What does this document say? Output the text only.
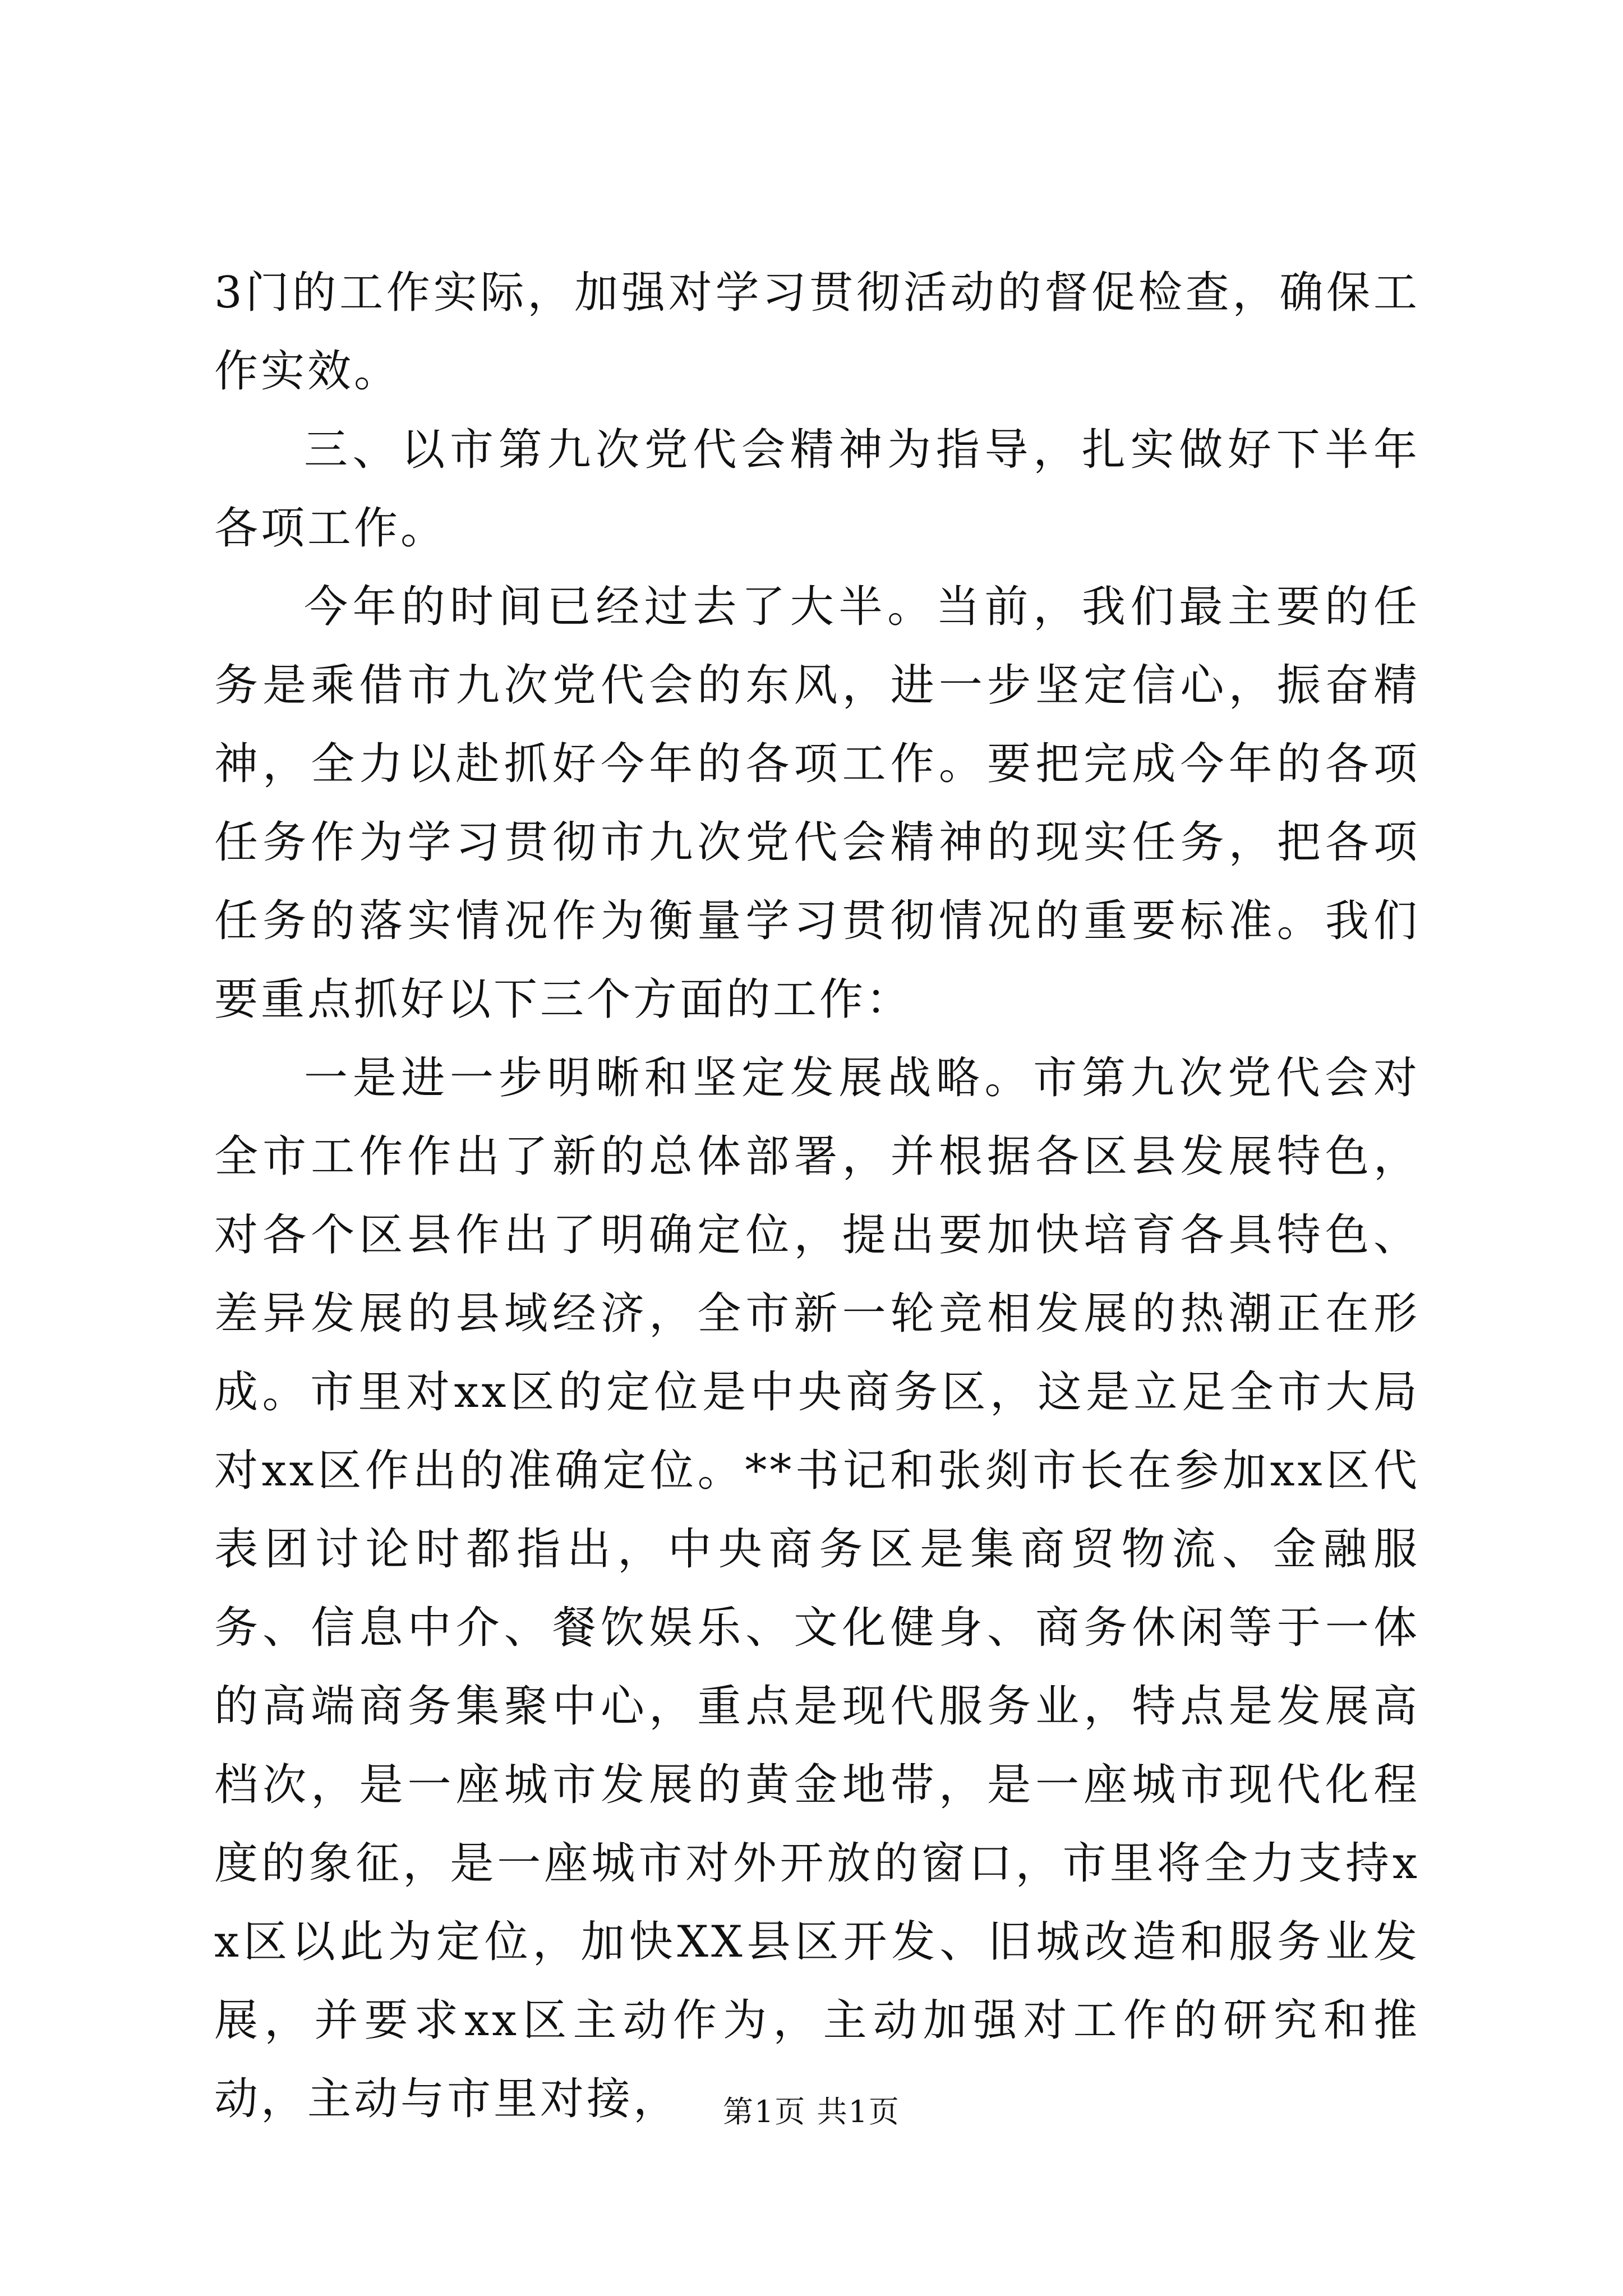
3门的工作实际，加强对学习贯彻活动的督促检查，确保工作实效。

三、以市第九次党代会精神为指导，扎实做好下半年各项工作。

今年的时间已经过去了大半。当前，我们最主要的任务是乘借市九次党代会的东风，进一步坚定信心，振奋精神，全力以赴抓好今年的各项工作。要把完成今年的各项任务作为学习贯彻市九次党代会精神的现实任务，把各项任务的落实情况作为衡量学习贯彻情况的重要标准。我们要重点抓好以下三个方面的工作：

一是进一步明晰和坚定发展战略。市第九次党代会对全市工作作出了新的总体部署，并根据各区县发展特色，对各个区县作出了明确定位，提出要加快培育各具特色、差异发展的县域经济，全市新一轮竞相发展的热潮正在形成。市里对xx区的定位是中央商务区，这是立足全市大局对xx区作出的准确定位。**书记和张剡市长在参加xx区代表团讨论时都指出，中央商务区是集商贸物流、金融服务、信息中介、餐饮娱乐、文化健身、商务休闲等于一体的高端商务集聚中心，重点是现代服务业，特点是发展高档次，是一座城市发展的黄金地带，是一座城市现代化程度的象征，是一座城市对外开放的窗口，市里将全力支持xx区以此为定位，加快XX县区开发、旧城改造和服务业发展，并要求xx区主动作为，主动加强对工作的研究和推动，主动与市里对接，	第1页 共1页
